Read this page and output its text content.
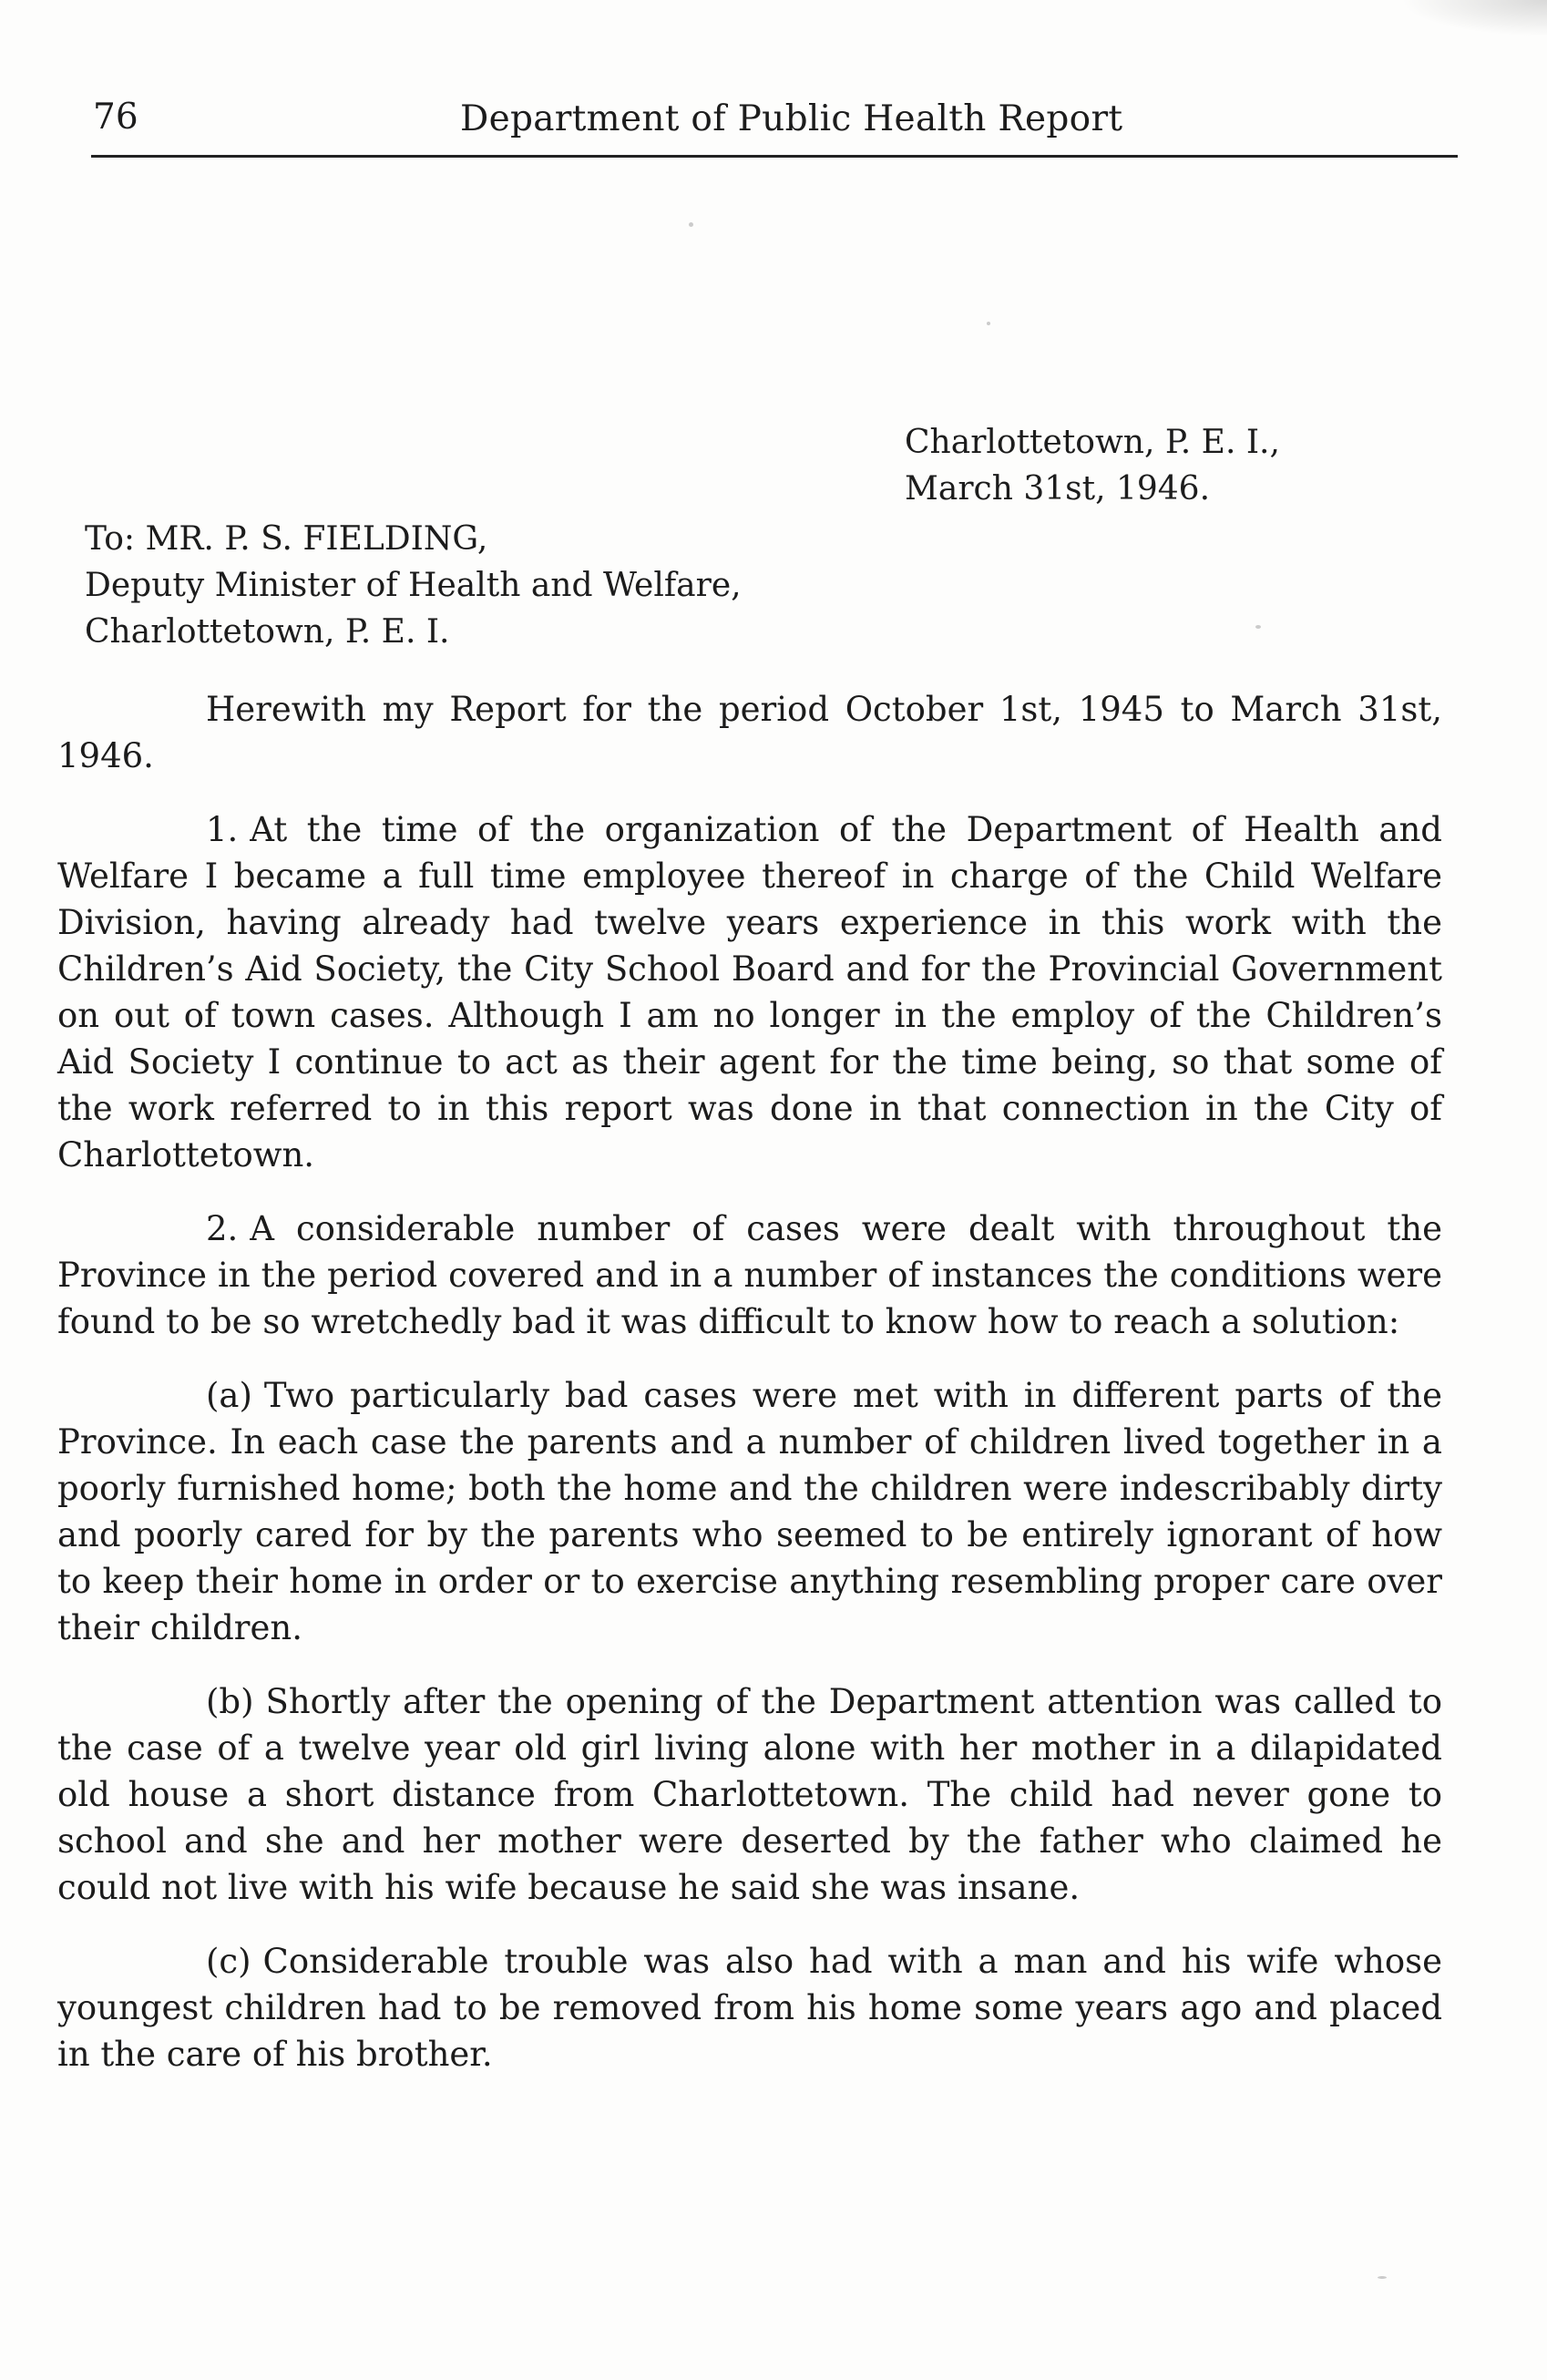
76	Department of Public Health Report
Charlottetown, P. E. I.,
March 31st, 1946.
To: MR. P. S. FIELDING,
Deputy Minister of Health and Welfare,
Charlottetown, P. E. I.

Herewith my Report for the period October 1st, 1945 to March 31st, 1946.

1. At the time of the organization of the Department of Health and Welfare I became a full time employee thereof in charge of the Child Welfare Division, having already had twelve years experience in this work with the Children’s Aid Society, the City School Board and for the Provincial Government on out of town cases. Although I am no longer in the employ of the Children’s Aid Society I continue to act as their agent for the time being, so that some of the work referred to in this report was done in that connection in the City of Charlottetown.

2. A considerable number of cases were dealt with throughout the Province in the period covered and in a number of instances the conditions were found to be so wretchedly bad it was difficult to know how to reach a solution:

(a) Two particularly bad cases were met with in different parts of the Province. In each case the parents and a number of children lived together in a poorly furnished home; both the home and the children were indescribably dirty and poorly cared for by the parents who seemed to be entirely ignorant of how to keep their home in order or to exercise anything resembling proper care over their children.

(b) Shortly after the opening of the Department attention was called to the case of a twelve year old girl living alone with her mother in a dilapidated old house a short distance from Charlottetown. The child had never gone to school and she and her mother were deserted by the father who claimed he could not live with his wife because he said she was insane.

(c) Considerable trouble was also had with a man and his wife whose youngest children had to be removed from his home some years ago and placed in the care of his brother.
